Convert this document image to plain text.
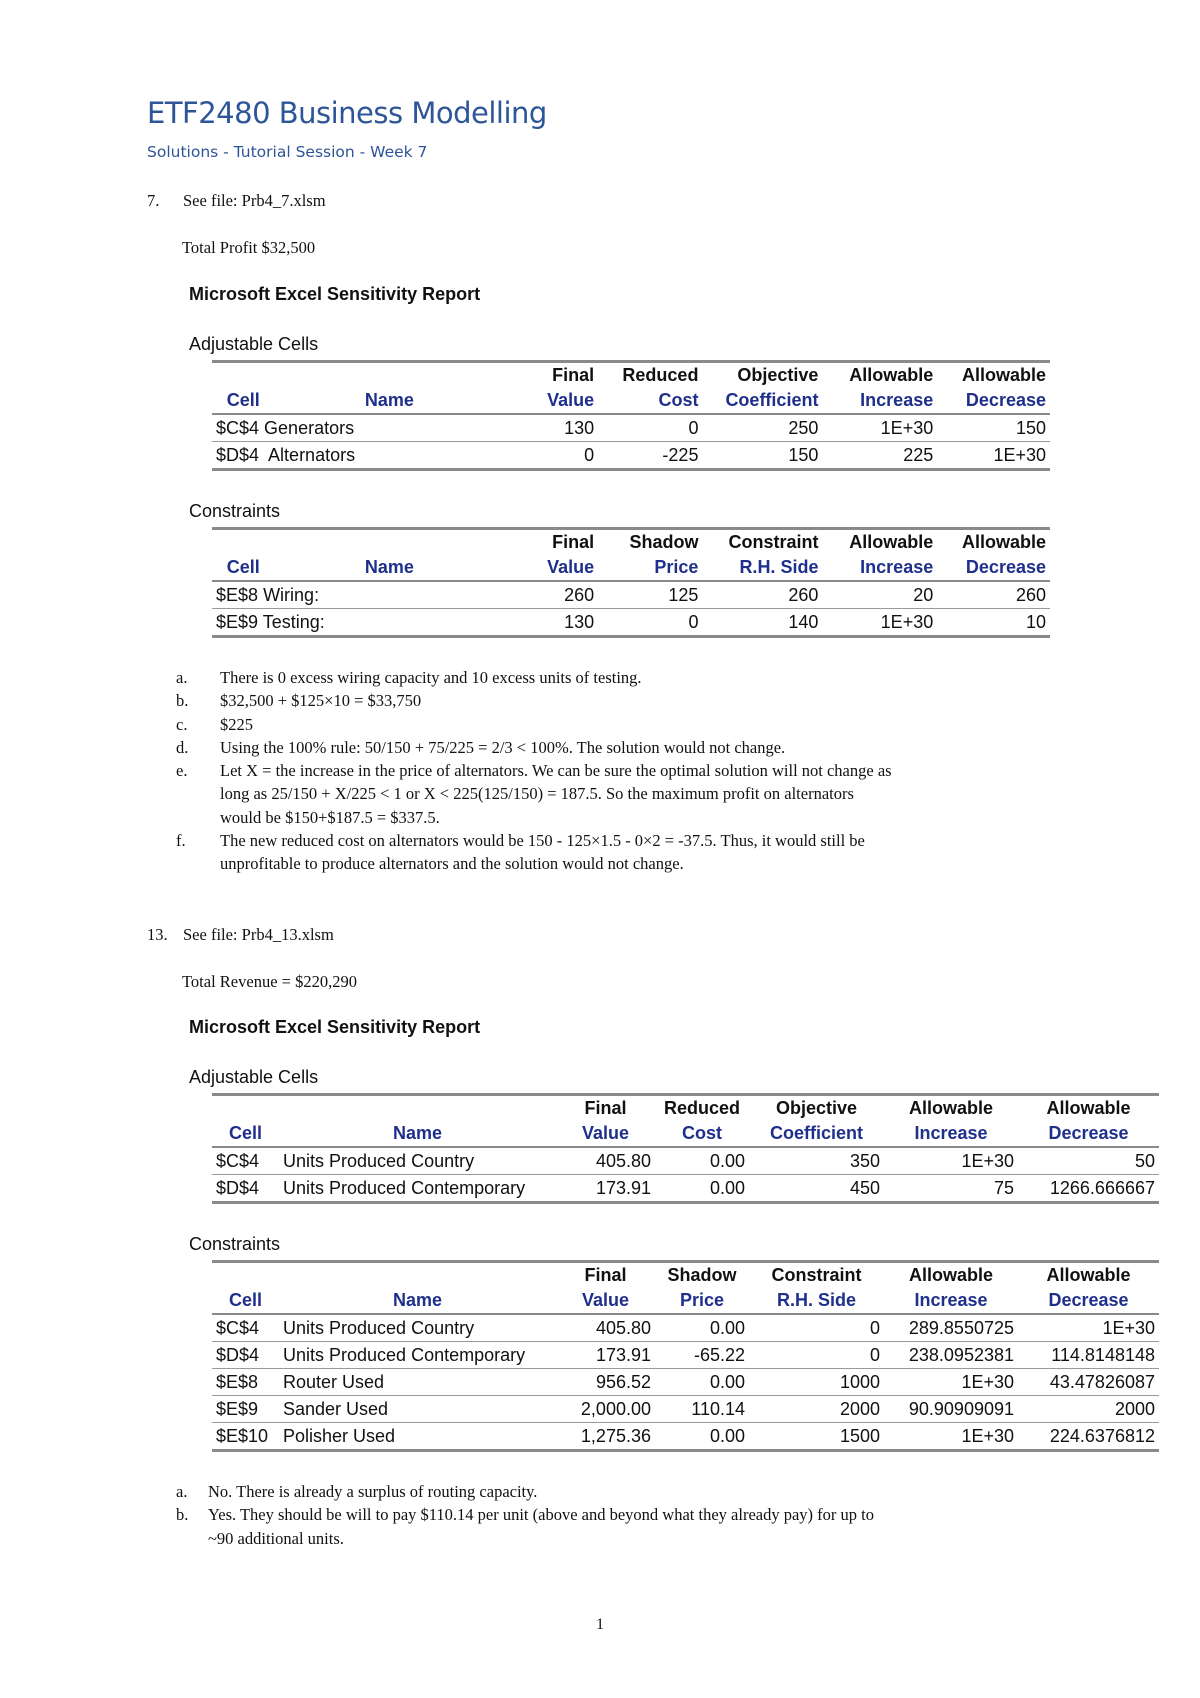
ETF2480 Business Modelling
Solutions - Tutorial Session - Week 7
7. See file: Prb4_7.xlsm
Total Profit $32,500
Microsoft Excel Sensitivity Report
Adjustable Cells
		Final	Reduced	Objective	Allowable	Allowable
Cell	Name	Value	Cost	Coefficient	Increase	Decrease
$C$4 Generators		130	0	250	1E+30	150
$D$4 Alternators		0	-225	150	225	1E+30
Constraints
		Final	Shadow	Constraint	Allowable	Allowable
Cell	Name	Value	Price	R.H. Side	Increase	Decrease
$E$8 Wiring:		260	125	260	20	260
$E$9 Testing:		130	0	140	1E+30	10
a. There is 0 excess wiring capacity and 10 excess units of testing.
b. $32,500 + $125×10 = $33,750
c. $225
d. Using the 100% rule: 50/150 + 75/225 = 2/3 < 100%. The solution would not change.
e. Let X = the increase in the price of alternators. We can be sure the optimal solution will not change as
long as 25/150 + X/225 < 1 or X < 225(125/150) = 187.5. So the maximum profit on alternators
would be $150+$187.5 = $337.5.
f. The new reduced cost on alternators would be 150 - 125×1.5 - 0×2 = -37.5. Thus, it would still be
unprofitable to produce alternators and the solution would not change.
13. See file: Prb4_13.xlsm
Total Revenue = $220,290
Microsoft Excel Sensitivity Report
Adjustable Cells
		Final	Reduced	Objective	Allowable	Allowable
Cell	Name	Value	Cost	Coefficient	Increase	Decrease
$C$4	Units Produced Country	405.80	0.00	350	1E+30	50
$D$4	Units Produced Contemporary	173.91	0.00	450	75	1266.666667
Constraints
		Final	Shadow	Constraint	Allowable	Allowable
Cell	Name	Value	Price	R.H. Side	Increase	Decrease
$C$4	Units Produced Country	405.80	0.00	0	289.8550725	1E+30
$D$4	Units Produced Contemporary	173.91	-65.22	0	238.0952381	114.8148148
$E$8	Router Used	956.52	0.00	1000	1E+30	43.47826087
$E$9	Sander Used	2,000.00	110.14	2000	90.90909091	2000
$E$10	Polisher Used	1,275.36	0.00	1500	1E+30	224.6376812
a. No. There is already a surplus of routing capacity.
b. Yes. They should be will to pay $110.14 per unit (above and beyond what they already pay) for up to
~90 additional units.
1
